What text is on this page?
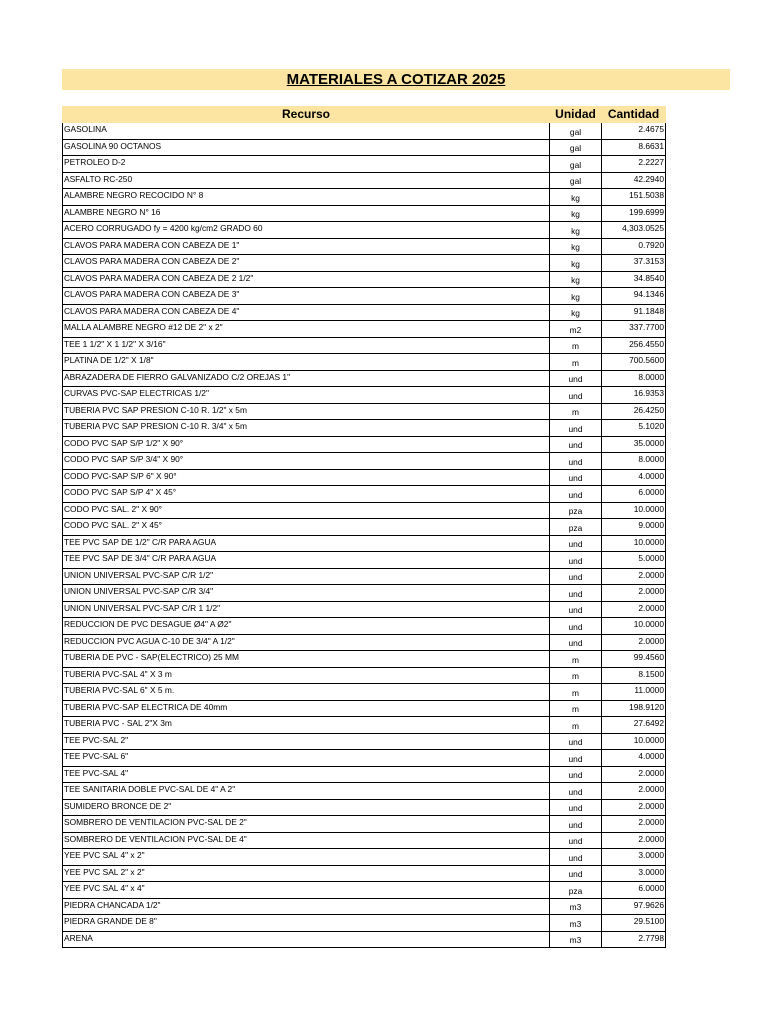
MATERIALES A COTIZAR 2025
Recurso	Unidad	Cantidad
GASOLINA	gal	2.4675
GASOLINA 90 OCTANOS	gal	8.6631
PETROLEO D-2	gal	2.2227
ASFALTO RC-250	gal	42.2940
ALAMBRE NEGRO RECOCIDO N° 8	kg	151.5038
ALAMBRE NEGRO N° 16	kg	199.6999
ACERO CORRUGADO fy = 4200 kg/cm2 GRADO 60	kg	4,303.0525
CLAVOS PARA MADERA CON CABEZA DE 1"	kg	0.7920
CLAVOS PARA MADERA CON CABEZA DE 2"	kg	37.3153
CLAVOS PARA MADERA CON CABEZA DE 2 1/2"	kg	34.8540
CLAVOS PARA MADERA CON CABEZA DE 3"	kg	94.1346
CLAVOS PARA MADERA CON CABEZA DE 4"	kg	91.1848
MALLA ALAMBRE NEGRO #12 DE 2" x 2"	m2	337.7700
TEE 1 1/2" X 1 1/2" X 3/16"	m	256.4550
PLATINA DE 1/2" X 1/8"	m	700.5600
ABRAZADERA DE FIERRO GALVANIZADO C/2 OREJAS 1"	und	8.0000
CURVAS PVC-SAP ELECTRICAS 1/2"	und	16.9353
TUBERIA PVC SAP PRESION C-10 R. 1/2" x 5m	m	26.4250
TUBERIA PVC SAP PRESION C-10 R. 3/4" x 5m	und	5.1020
CODO PVC SAP S/P 1/2" X 90°	und	35.0000
CODO PVC SAP S/P 3/4" X 90°	und	8.0000
CODO PVC-SAP S/P 6" X 90°	und	4.0000
CODO PVC SAP S/P 4" X 45°	und	6.0000
CODO PVC SAL. 2" X 90°	pza	10.0000
CODO PVC SAL. 2" X 45°	pza	9.0000
TEE PVC SAP DE 1/2" C/R PARA AGUA	und	10.0000
TEE PVC SAP DE 3/4" C/R PARA AGUA	und	5.0000
UNION UNIVERSAL PVC-SAP C/R 1/2"	und	2.0000
UNION UNIVERSAL PVC-SAP C/R 3/4"	und	2.0000
UNION UNIVERSAL PVC-SAP C/R 1 1/2"	und	2.0000
REDUCCION DE PVC DESAGUE Ø4" A Ø2"	und	10.0000
REDUCCION PVC AGUA C-10 DE 3/4" A 1/2"	und	2.0000
TUBERIA DE PVC - SAP(ELECTRICO) 25 MM	m	99.4560
TUBERIA PVC-SAL 4" X 3 m	m	8.1500
TUBERIA PVC-SAL 6" X 5 m.	m	11.0000
TUBERIA PVC-SAP ELECTRICA DE 40mm	m	198.9120
TUBERIA PVC - SAL 2"X 3m	m	27.6492
TEE PVC-SAL 2"	und	10.0000
TEE PVC-SAL 6"	und	4.0000
TEE PVC-SAL 4"	und	2.0000
TEE SANITARIA DOBLE PVC-SAL DE 4" A 2"	und	2.0000
SUMIDERO BRONCE DE 2"	und	2.0000
SOMBRERO DE VENTILACION PVC-SAL DE 2"	und	2.0000
SOMBRERO DE VENTILACION PVC-SAL DE 4"	und	2.0000
YEE PVC SAL 4" x 2"	und	3.0000
YEE PVC SAL 2" x 2"	und	3.0000
YEE PVC SAL 4" x 4"	pza	6.0000
PIEDRA CHANCADA 1/2"	m3	97.9626
PIEDRA GRANDE DE 8"	m3	29.5100
ARENA	m3	2.7798
